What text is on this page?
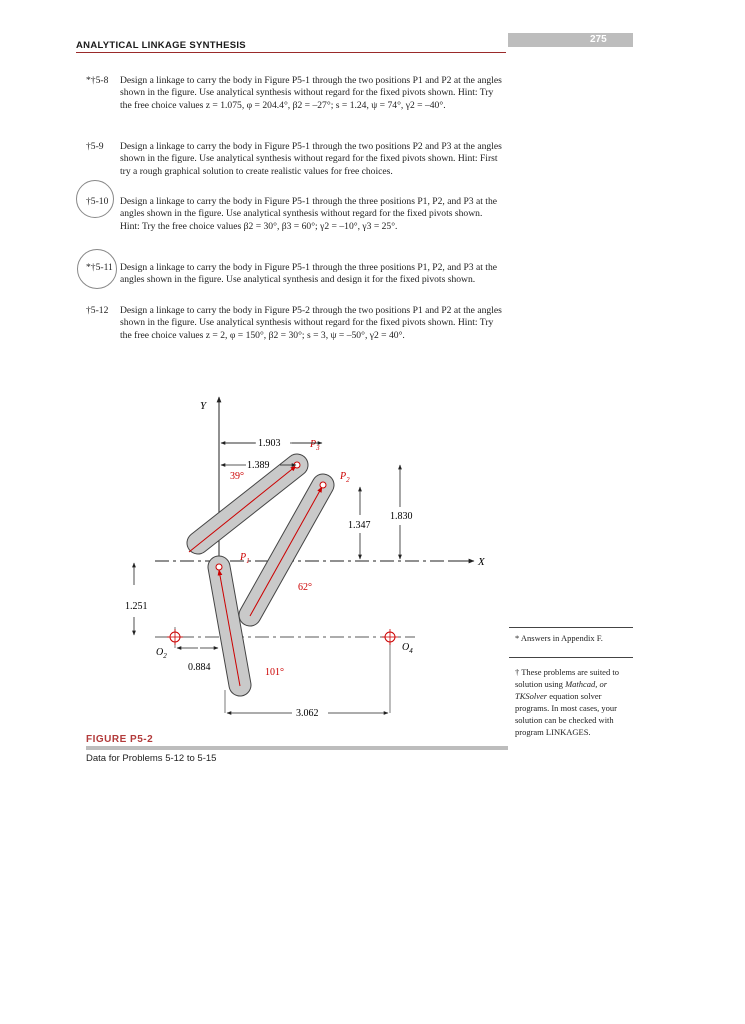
ANALYTICAL LINKAGE SYNTHESIS
275
*†5-8	Design a linkage to carry the body in Figure P5-1 through the two positions P1 and P2 at the angles shown in the figure. Use analytical synthesis without regard for the fixed pivots shown. Hint: Try the free choice values z = 1.075, φ = 204.4°, β2 = –27°; s = 1.24, ψ = 74°, γ2 = –40°.
†5-9	Design a linkage to carry the body in Figure P5-1 through the two positions P2 and P3 at the angles shown in the figure. Use analytical synthesis without regard for the fixed pivots shown. Hint: First try a rough graphical solution to create realistic values for free choices.
†5-10	Design a linkage to carry the body in Figure P5-1 through the three positions P1, P2, and P3 at the angles shown in the figure. Use analytical synthesis without regard for the fixed pivots shown. Hint: Try the free choice values β2 = 30°, β3 = 60°; γ2 = –10°, γ3 = 25°.
*†5-11 Design a linkage to carry the body in Figure P5-1 through the three positions P1, P2, and P3 at the angles shown in the figure. Use analytical synthesis and design it for the fixed pivots shown.
†5-12	Design a linkage to carry the body in Figure P5-2 through the two positions P1 and P2 at the angles shown in the figure. Use analytical synthesis without regard for the fixed pivots shown. Hint: Try the free choice values z = 2, φ = 150°, β2 = 30°; s = 3, ψ = –50°, γ2 = 40°.
Y
X
$P_3$
$P_2$
$P_1$
39°
62°
101°
1.903
1.389
1.830
1.347
1.251
0.884
3.062
$O_2$
$O_4$
FIGURE P5-2
Data for Problems 5-12 to 5-15
* Answers in Appendix F.
† These problems are suited to solution using Mathcad, or TKSolver equation solver programs. In most cases, your solution can be checked with program LINKAGES.
